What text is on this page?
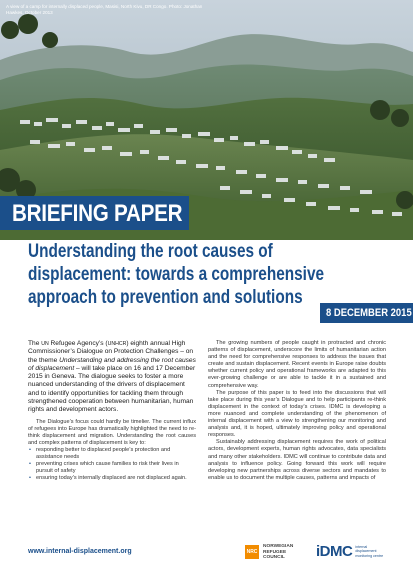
A view of a camp for internally displaced people, Masisi, North Kivu, DR Congo. Photo: Jonathan Hawkes, October 2013
BRIEFING PAPER
Understanding the root causes of displacement: towards a comprehensive approach to prevention and solutions
8 DECEMBER 2015

The UN Refugee Agency’s (UNHCR) eighth annual High Commissioner’s Dialogue on Protection Challenges – on the theme Understanding and addressing the root causes of displacement – will take place on 16 and 17 December 2015 in Geneva. The dialogue seeks to foster a more nuanced understanding of the drivers of displacement and to identify opportunities for tackling them through strengthened cooperation between humanitarian, human rights and development actors.

The Dialogue’s focus could hardly be timelier. The current influx of refugees into Europe has dramatically highlighted the need to re-think displacement and migration. Understanding the root causes and complex patterns of displacement is key to:

• responding better to displaced people’s protection and assistance needs
• preventing crises which cause families to risk their lives in pursuit of safety
• ensuring today’s internally displaced are not displaced again.

The growing numbers of people caught in protracted and chronic patterns of displacement, underscore the limits of humanitarian action and the need for comprehensive responses to address the issues that create and sustain displacement. Recent events in Europe raise doubts whether current policy and operational frameworks are adapted to this ever-growing challenge or are able to tackle it in a sustained and comprehensive way.

The purpose of this paper is to feed into the discussions that will take place during this year’s Dialogue and to help participants re-think displacement in the context of today’s crises. IDMC is developing a more nuanced and complete understanding of the phenomenon of internal displacement with a view to strengthening our monitoring and analysis and, it is hoped, ultimately improving policy and operational responses.

Sustainably addressing displacement requires the work of political actors, development experts, human rights advocates, data specialists and many other stakeholders. IDMC will continue to contribute data and analysis to influence policy. Going forward this work will require developing new partnerships across diverse sectors and mandates to enable us to document the multiple causes, patterns and impacts of

www.internal-displacement.org	NRC
NORWEGIAN REFUGEE COUNCIL	iDMC internal displacement monitoring centre
